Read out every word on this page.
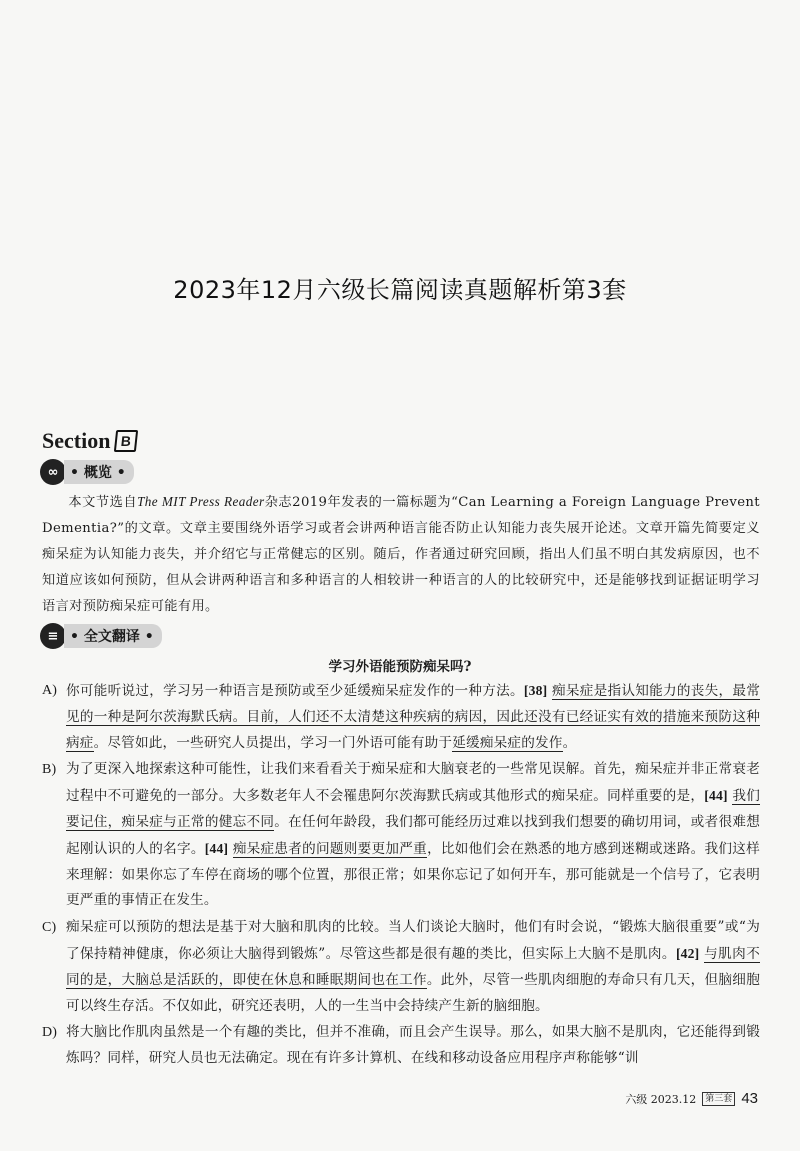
2023年12月六级长篇阅读真题解析第3套
Section B
∞ • 概览 •

本文节选自The MIT Press Reader杂志2019年发表的一篇标题为“Can Learning a Foreign Language Prevent Dementia?”的文章。文章主要围绕外语学习或者会讲两种语言能否防止认知能力丧失展开论述。文章开篇先简要定义痴呆症为认知能力丧失，并介绍它与正常健忘的区别。随后，作者通过研究回顾，指出人们虽不明白其发病原因，也不知道应该如何预防，但从会讲两种语言和多种语言的人相较讲一种语言的人的比较研究中，还是能够找到证据证明学习语言对预防痴呆症可能有用。

≡ • 全文翻译 •
学习外语能预防痴呆吗?
A) 你可能听说过，学习另一种语言是预防或至少延缓痴呆症发作的一种方法。[38] 痴呆症是指认知能力的丧失，最常见的一种是阿尔茨海默氏病。目前，人们还不太清楚这种疾病的病因，因此还没有已经证实有效的措施来预防这种病症。尽管如此，一些研究人员提出，学习一门外语可能有助于延缓痴呆症的发作。
B) 为了更深入地探索这种可能性，让我们来看看关于痴呆症和大脑衰老的一些常见误解。首先，痴呆症并非正常衰老过程中不可避免的一部分。大多数老年人不会罹患阿尔茨海默氏病或其他形式的痴呆症。同样重要的是，[44] 我们要记住，痴呆症与正常的健忘不同。在任何年龄段，我们都可能经历过难以找到我们想要的确切用词，或者很难想起刚认识的人的名字。[44] 痴呆症患者的问题则要更加严重，比如他们会在熟悉的地方感到迷糊或迷路。我们这样来理解：如果你忘了车停在商场的哪个位置，那很正常；如果你忘记了如何开车，那可能就是一个信号了，它表明更严重的事情正在发生。
C) 痴呆症可以预防的想法是基于对大脑和肌肉的比较。当人们谈论大脑时，他们有时会说，“锻炼大脑很重要”或“为了保持精神健康，你必须让大脑得到锻炼”。尽管这些都是很有趣的类比，但实际上大脑不是肌肉。[42] 与肌肉不同的是，大脑总是活跃的，即使在休息和睡眠期间也在工作。此外，尽管一些肌肉细胞的寿命只有几天，但脑细胞可以终生存活。不仅如此，研究还表明，人的一生当中会持续产生新的脑细胞。
D) 将大脑比作肌肉虽然是一个有趣的类比，但并不准确，而且会产生误导。那么，如果大脑不是肌肉，它还能得到锻炼吗？同样，研究人员也无法确定。现在有许多计算机、在线和移动设备应用程序声称能够“训
六级 2023.12	第三套 43
